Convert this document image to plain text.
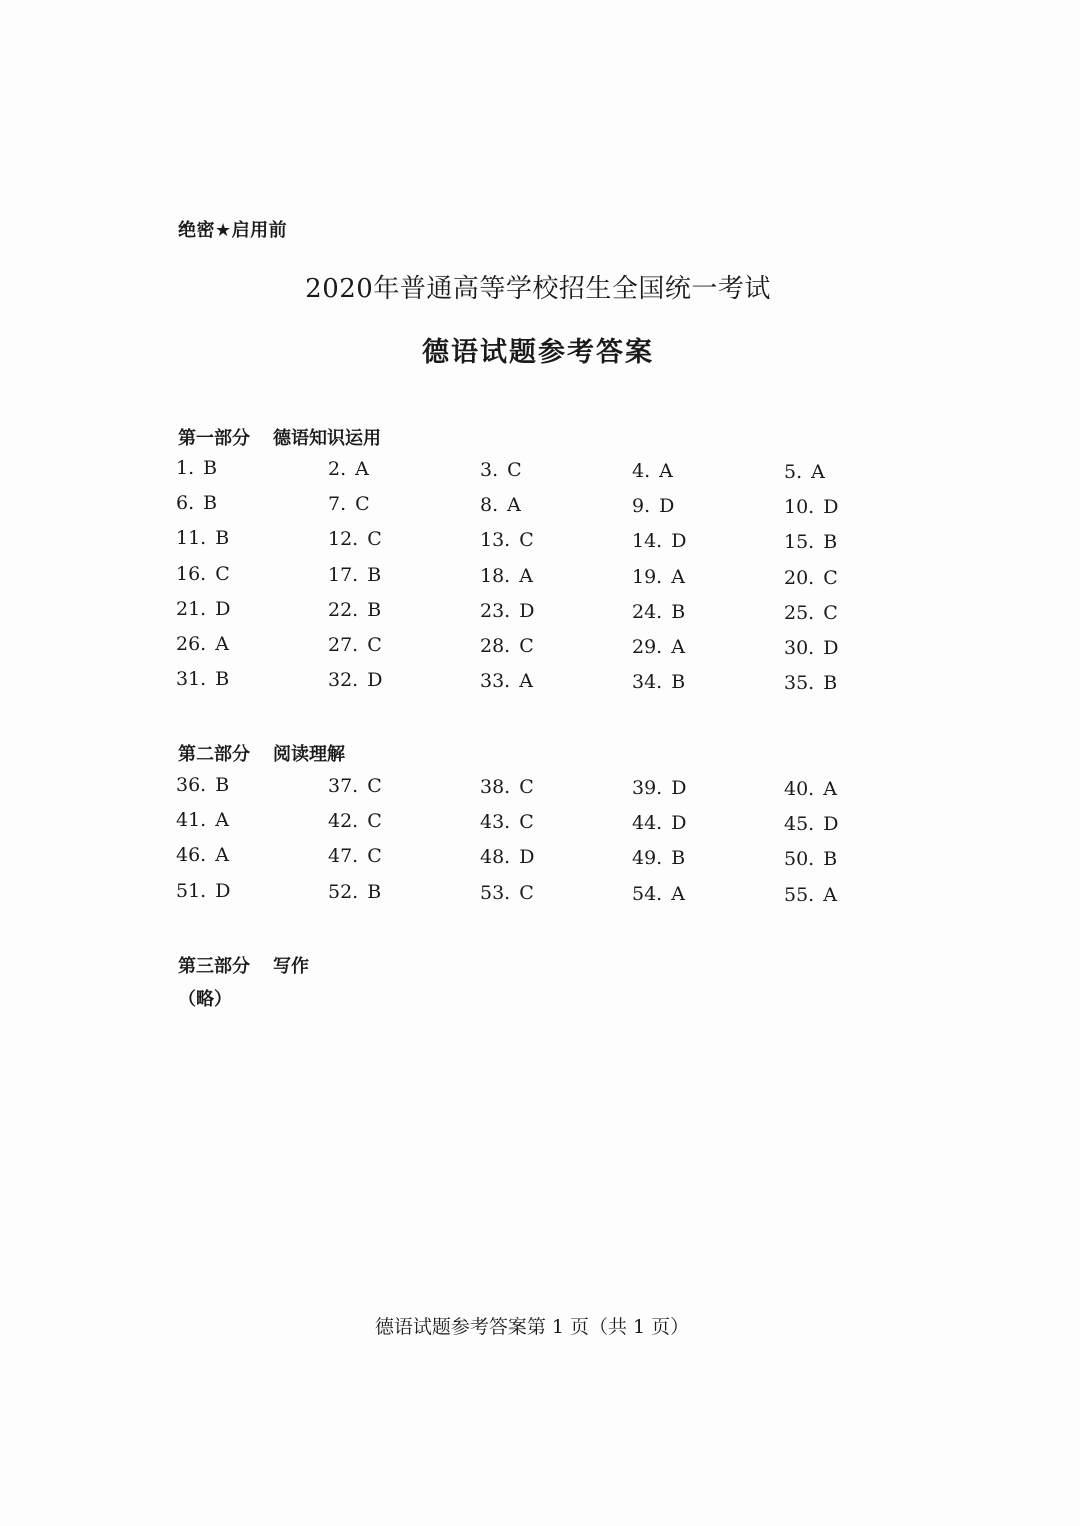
绝密★启用前
2020年普通高等学校招生全国统一考试
德语试题参考答案
第一部分 德语知识运用
1. B	2. A	3. C	4. A	5. A
6. B	7. C	8. A	9. D	10. D
11. B	12. C	13. C	14. D	15. B
16. C	17. B	18. A	19. A	20. C
21. D	22. B	23. D	24. B	25. C
26. A	27. C	28. C	29. A	30. D
31. B	32. D	33. A	34. B	35. B
第二部分 阅读理解
36. B	37. C	38. C	39. D	40. A
41. A	42. C	43. C	44. D	45. D
46. A	47. C	48. D	49. B	50. B
51. D	52. B	53. C	54. A	55. A
第三部分 写作
（略）
德语试题参考答案第 1 页（共 1 页）
